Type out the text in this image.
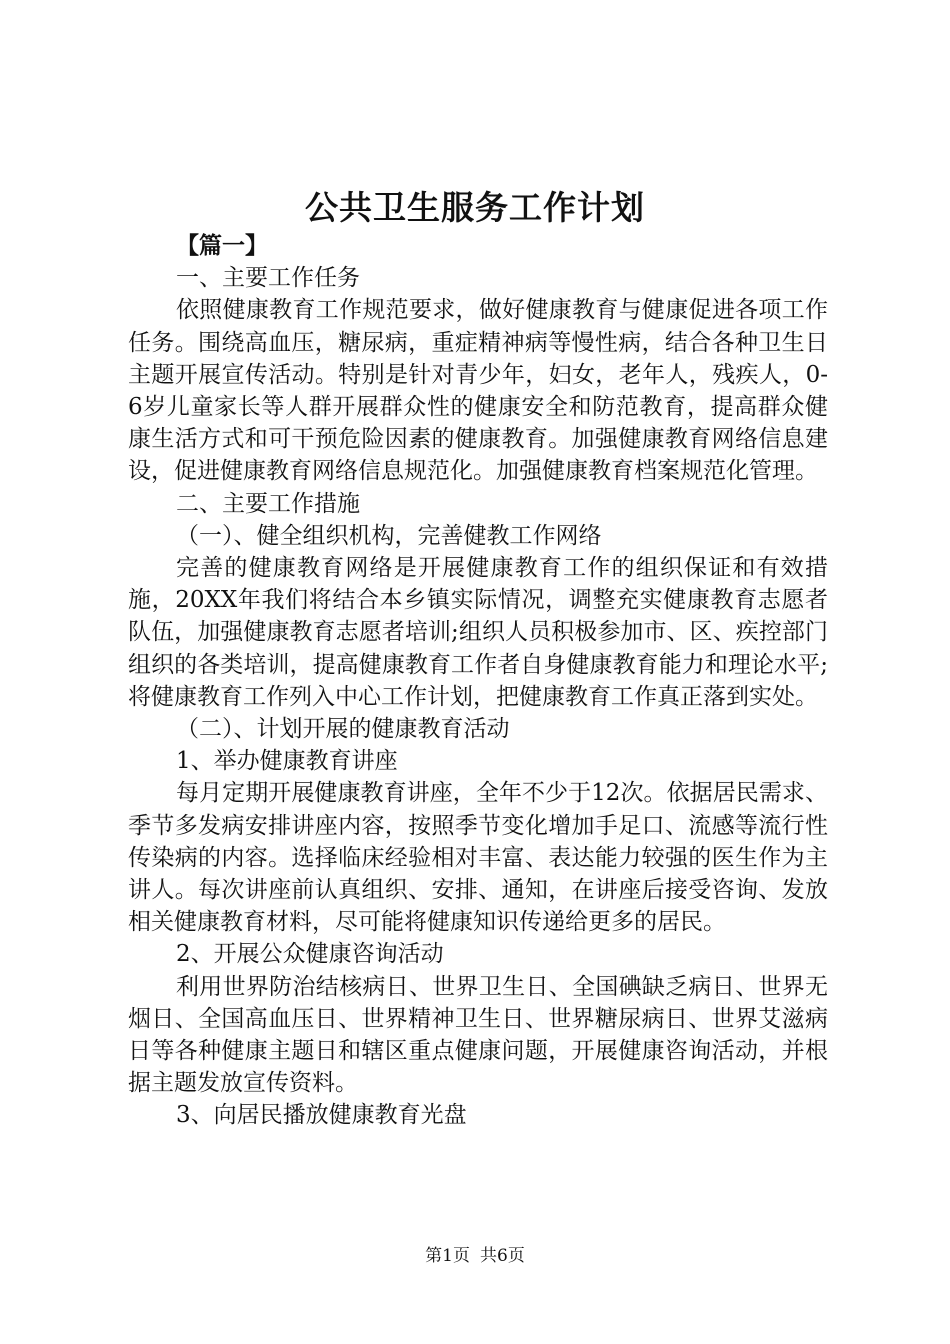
公共卫生服务工作计划

【篇一】

一、主要工作任务

依照健康教育工作规范要求，做好健康教育与健康促进各项工作任务。围绕高血压，糖尿病，重症精神病等慢性病，结合各种卫生日主题开展宣传活动。特别是针对青少年，妇女，老年人，残疾人，0-6岁儿童家长等人群开展群众性的健康安全和防范教育，提高群众健康生活方式和可干预危险因素的健康教育。加强健康教育网络信息建设，促进健康教育网络信息规范化。加强健康教育档案规范化管理。

二、主要工作措施

（一）、健全组织机构，完善健教工作网络

完善的健康教育网络是开展健康教育工作的组织保证和有效措施，20XX年我们将结合本乡镇实际情况，调整充实健康教育志愿者队伍，加强健康教育志愿者培训;组织人员积极参加市、区、疾控部门组织的各类培训，提高健康教育工作者自身健康教育能力和理论水平;将健康教育工作列入中心工作计划，把健康教育工作真正落到实处。

（二）、计划开展的健康教育活动

1、举办健康教育讲座

每月定期开展健康教育讲座，全年不少于12次。依据居民需求、季节多发病安排讲座内容，按照季节变化增加手足口、流感等流行性传染病的内容。选择临床经验相对丰富、表达能力较强的医生作为主讲人。每次讲座前认真组织、安排、通知，在讲座后接受咨询、发放相关健康教育材料，尽可能将健康知识传递给更多的居民。

2、开展公众健康咨询活动

利用世界防治结核病日、世界卫生日、全国碘缺乏病日、世界无烟日、全国高血压日、世界精神卫生日、世界糖尿病日、世界艾滋病日等各种健康主题日和辖区重点健康问题，开展健康咨询活动，并根据主题发放宣传资料。

3、向居民播放健康教育光盘

第1页 共6页
